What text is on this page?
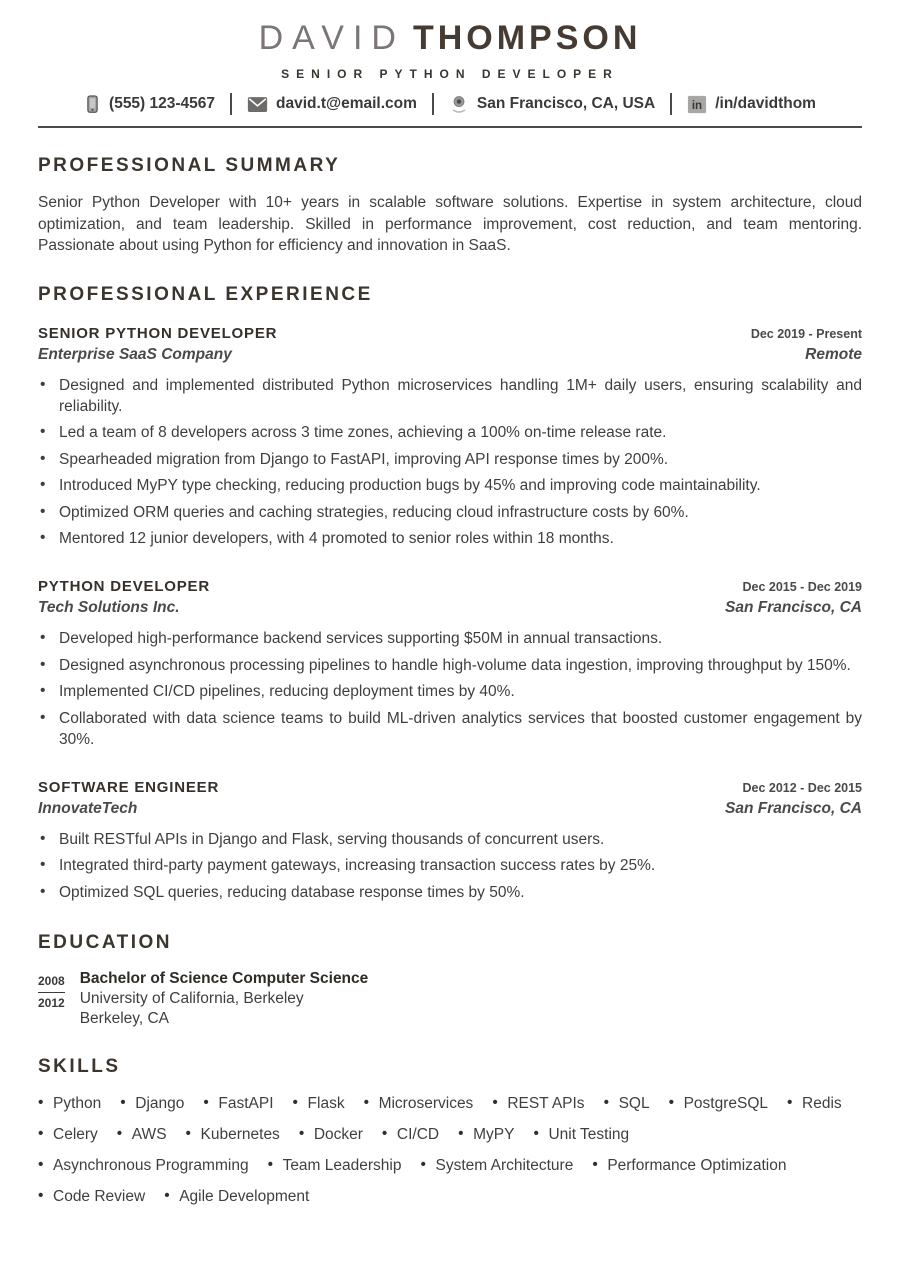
DAVID THOMPSON
SENIOR PYTHON DEVELOPER
(555) 123-4567	david.t@email.com	San Francisco, CA, USA	in /in/davidthom
PROFESSIONAL SUMMARY

Senior Python Developer with 10+ years in scalable software solutions. Expertise in system architecture, cloud optimization, and team leadership. Skilled in performance improvement, cost reduction, and team mentoring. Passionate about using Python for efficiency and innovation in SaaS.

PROFESSIONAL EXPERIENCE
SENIOR PYTHON DEVELOPER	Dec 2019 - Present
Enterprise SaaS Company	Remote
• Designed and implemented distributed Python microservices handling 1M+ daily users, ensuring scalability and reliability.
• Led a team of 8 developers across 3 time zones, achieving a 100% on-time release rate.
• Spearheaded migration from Django to FastAPI, improving API response times by 200%.
• Introduced MyPY type checking, reducing production bugs by 45% and improving code maintainability.
• Optimized ORM queries and caching strategies, reducing cloud infrastructure costs by 60%.
• Mentored 12 junior developers, with 4 promoted to senior roles within 18 months.
PYTHON DEVELOPER	Dec 2015 - Dec 2019
Tech Solutions Inc.	San Francisco, CA
• Developed high-performance backend services supporting $50M in annual transactions.
• Designed asynchronous processing pipelines to handle high-volume data ingestion, improving throughput by 150%.
• Implemented CI/CD pipelines, reducing deployment times by 40%.
• Collaborated with data science teams to build ML-driven analytics services that boosted customer engagement by 30%.
SOFTWARE ENGINEER	Dec 2012 - Dec 2015
InnovateTech	San Francisco, CA
• Built RESTful APIs in Django and Flask, serving thousands of concurrent users.
• Integrated third-party payment gateways, increasing transaction success rates by 25%.
• Optimized SQL queries, reducing database response times by 50%.
EDUCATION
2008
2012
Bachelor of Science Computer Science
University of California, Berkeley
Berkeley, CA
SKILLS
• Python	• Django	• FastAPI	• Flask	• Microservices	• REST APIs	• SQL	• PostgreSQL	• Redis
• Celery	• AWS	• Kubernetes	• Docker	• CI/CD	• MyPY	• Unit Testing
• Asynchronous Programming	• Team Leadership	• System Architecture	• Performance Optimization
• Code Review	• Agile Development
